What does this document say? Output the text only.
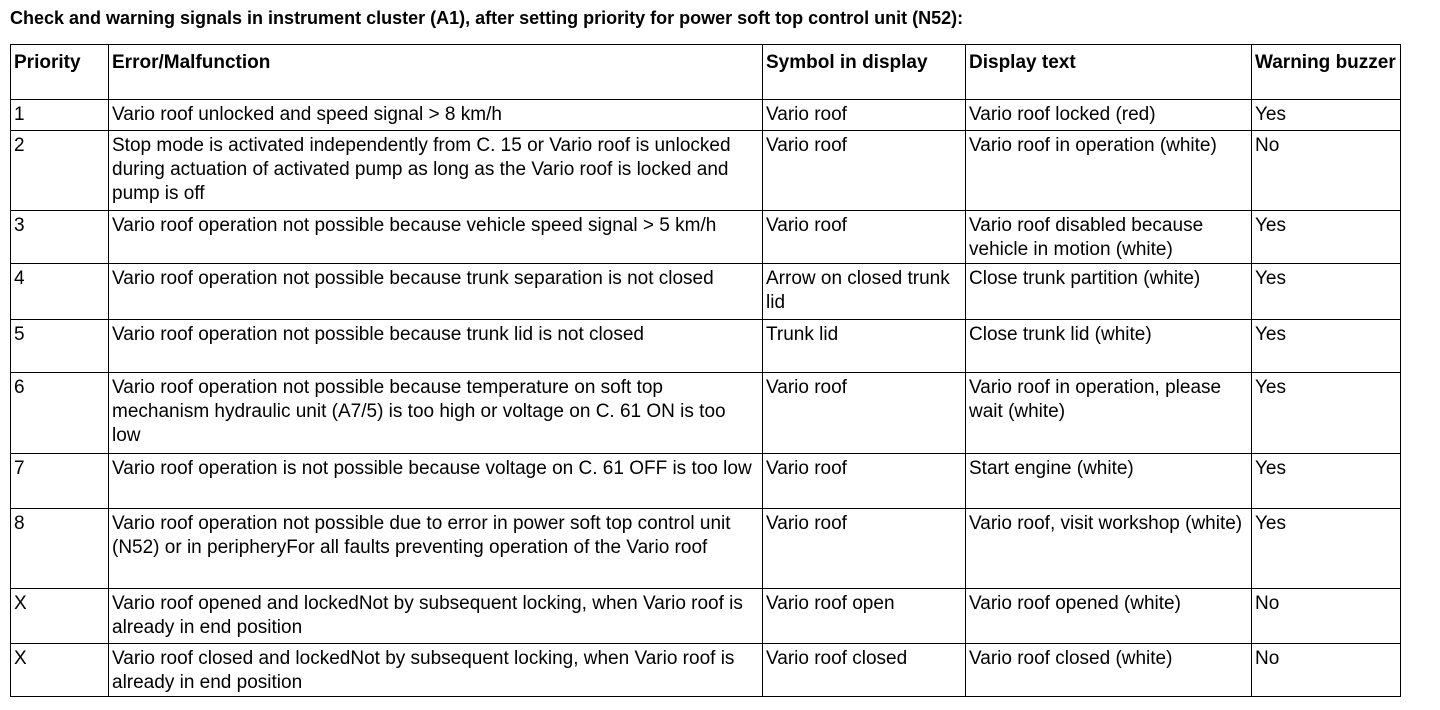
Check and warning signals in instrument cluster (A1), after setting priority for power soft top control unit (N52):
Priority	Error/Malfunction	Symbol in display	Display text	Warning buzzer
1	Vario roof unlocked and speed signal > 8 km/h	Vario roof	Vario roof locked (red)	Yes
2	Stop mode is activated independently from C. 15 or Vario roof is unlocked during actuation of activated pump as long as the Vario roof is locked and pump is off	Vario roof	Vario roof in operation (white)	No
3	Vario roof operation not possible because vehicle speed signal > 5 km/h	Vario roof	Vario roof disabled because vehicle in motion (white)	Yes
4	Vario roof operation not possible because trunk separation is not closed	Arrow on closed trunk lid	Close trunk partition (white)	Yes
5	Vario roof operation not possible because trunk lid is not closed	Trunk lid	Close trunk lid (white)	Yes
6	Vario roof operation not possible because temperature on soft top mechanism hydraulic unit (A7/5) is too high or voltage on C. 61 ON is too low	Vario roof	Vario roof in operation, please wait (white)	Yes
7	Vario roof operation is not possible because voltage on C. 61 OFF is too low	Vario roof	Start engine (white)	Yes
8	Vario roof operation not possible due to error in power soft top control unit (N52) or in peripheryFor all faults preventing operation of the Vario roof	Vario roof	Vario roof, visit workshop (white)	Yes
X	Vario roof opened and lockedNot by subsequent locking, when Vario roof is already in end position	Vario roof open	Vario roof opened (white)	No
X	Vario roof closed and lockedNot by subsequent locking, when Vario roof is already in end position	Vario roof closed	Vario roof closed (white)	No
